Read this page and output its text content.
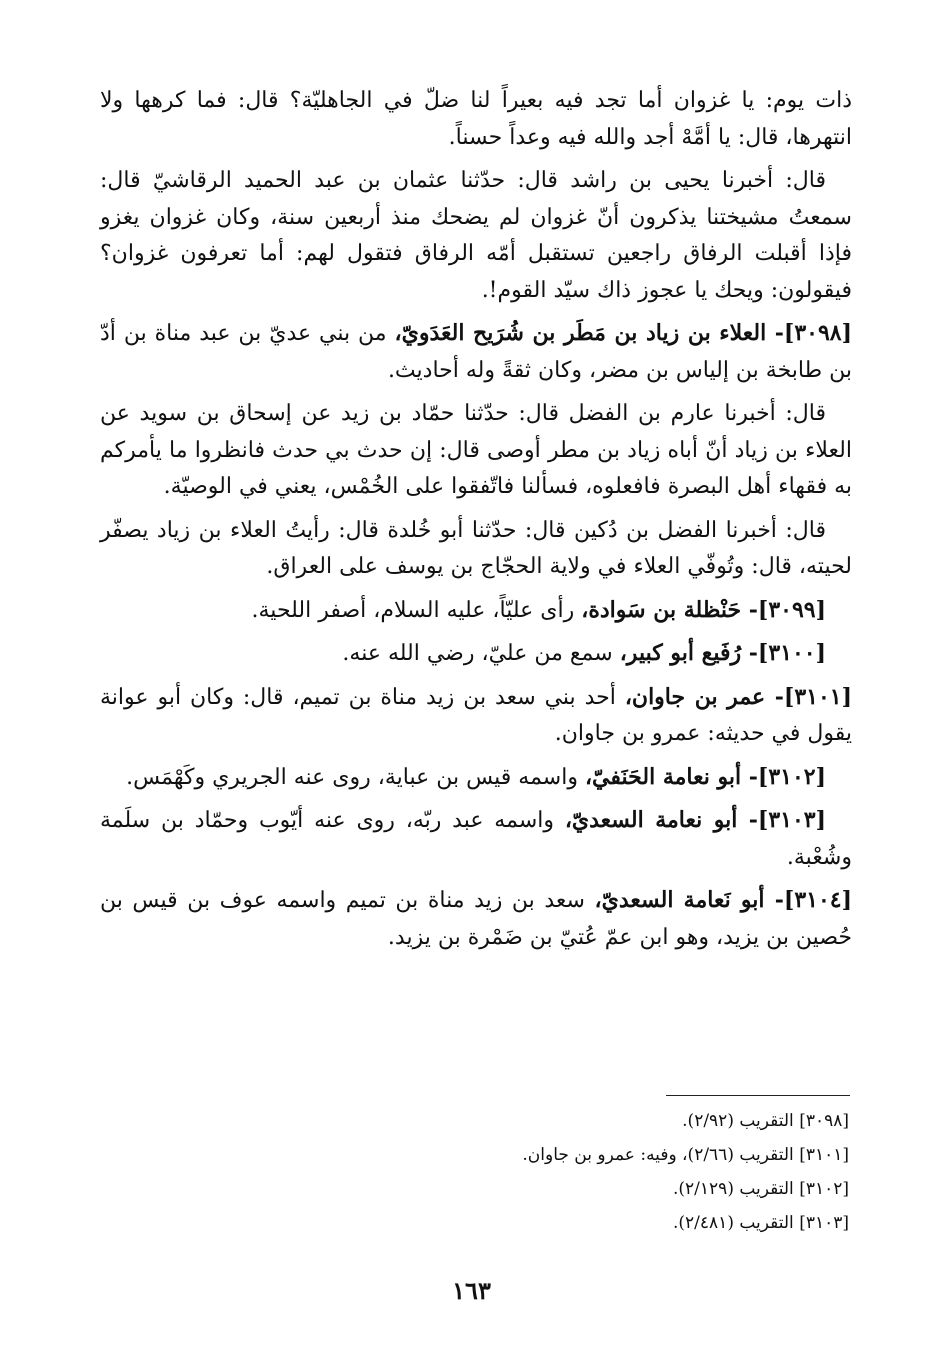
ذات يوم: يا غزوان أما تجد فيه بعيراً لنا ضلّ في الجاهليّة؟ قال: فما كرهها ولا انتهرها، قال: يا أمَّهْ أجد والله فيه وعداً حسناً.

قال: أخبرنا يحيى بن راشد قال: حدّثنا عثمان بن عبد الحميد الرقاشيّ قال: سمعتُ مشيختنا يذكرون أنّ غزوان لم يضحك منذ أربعين سنة، وكان غزوان يغزو فإذا أقبلت الرفاق راجعين تستقبل أمّه الرفاق فتقول لهم: أما تعرفون غزوان؟ فيقولون: ويحك يا عجوز ذاك سيّد القوم!.

[٣٠٩٨]- العلاء بن زياد بن مَطَر بن شُرَيح العَدَويّ، من بني عديّ بن عبد مناة بن أدّ بن طابخة بن إلياس بن مضر، وكان ثقةً وله أحاديث.

قال: أخبرنا عارم بن الفضل قال: حدّثنا حمّاد بن زيد عن إسحاق بن سويد عن العلاء بن زياد أنّ أباه زياد بن مطر أوصى قال: إن حدث بي حدث فانظروا ما يأمركم به فقهاء أهل البصرة فافعلوه، فسألنا فاتّفقوا على الخُمْس، يعني في الوصيّة.

قال: أخبرنا الفضل بن دُكين قال: حدّثنا أبو خُلدة قال: رأيتُ العلاء بن زياد يصفّر لحيته، قال: وتُوفّي العلاء في ولاية الحجّاج بن يوسف على العراق.

[٣٠٩٩]- حَنْظلة بن سَوادة، رأى عليّاً، عليه السلام، أصفر اللحية.

[٣١٠٠]- رُفَيع أبو كبير، سمع من عليّ، رضي الله عنه.

[٣١٠١]- عمر بن جاوان، أحد بني سعد بن زيد مناة بن تميم، قال: وكان أبو عوانة يقول في حديثه: عمرو بن جاوان.

[٣١٠٢]- أبو نعامة الحَنَفيّ، واسمه قيس بن عباية، روى عنه الجريري وكَهْمَس.

[٣١٠٣]- أبو نعامة السعديّ، واسمه عبد ربّه، روى عنه أيّوب وحمّاد بن سلَمة وشُعْبة.

[٣١٠٤]- أبو نَعامة السعديّ، سعد بن زيد مناة بن تميم واسمه عوف بن قيس بن حُصين بن يزيد، وهو ابن عمّ عُتيّ بن ضَمْرة بن يزيد.

[٣٠٩٨] التقريب (٢/٩٢).

[٣١٠١] التقريب (٢/٦٦)، وفيه: عمرو بن جاوان.

[٣١٠٢] التقريب (٢/١٢٩).

[٣١٠٣] التقريب (٢/٤٨١).

١٦٣
